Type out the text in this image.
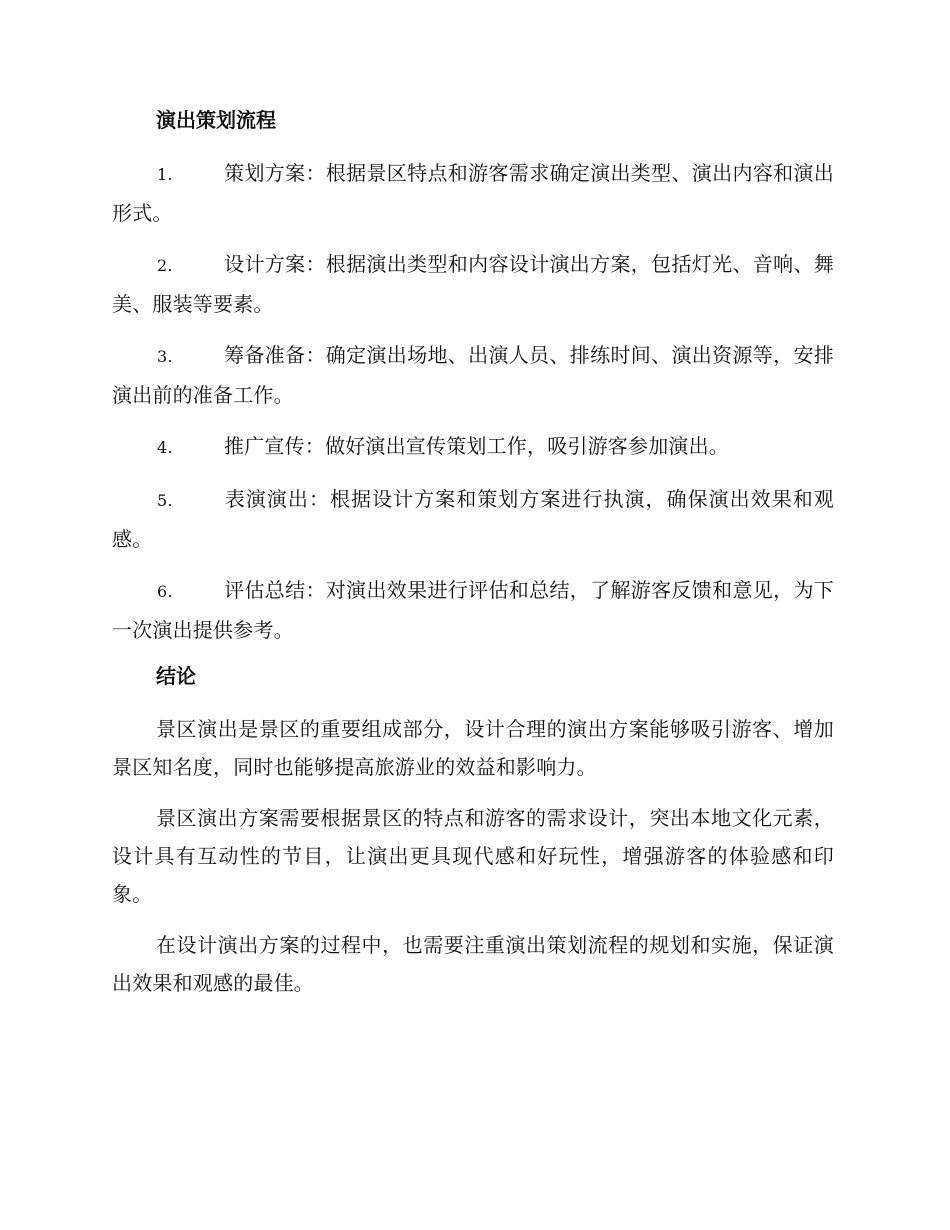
演出策划流程
1.	策划方案：根据景区特点和游客需求确定演出类型、演出内容和演出形式。
2.	设计方案：根据演出类型和内容设计演出方案，包括灯光、音响、舞美、服装等要素。
3.	筹备准备：确定演出场地、出演人员、排练时间、演出资源等，安排演出前的准备工作。
4.	推广宣传：做好演出宣传策划工作，吸引游客参加演出。
5.	表演演出：根据设计方案和策划方案进行执演，确保演出效果和观感。
6.	评估总结：对演出效果进行评估和总结，了解游客反馈和意见，为下一次演出提供参考。
结论
景区演出是景区的重要组成部分，设计合理的演出方案能够吸引游客、增加景区知名度，同时也能够提高旅游业的效益和影响力。
景区演出方案需要根据景区的特点和游客的需求设计，突出本地文化元素，设计具有互动性的节目，让演出更具现代感和好玩性，增强游客的体验感和印象。
在设计演出方案的过程中，也需要注重演出策划流程的规划和实施，保证演出效果和观感的最佳。
